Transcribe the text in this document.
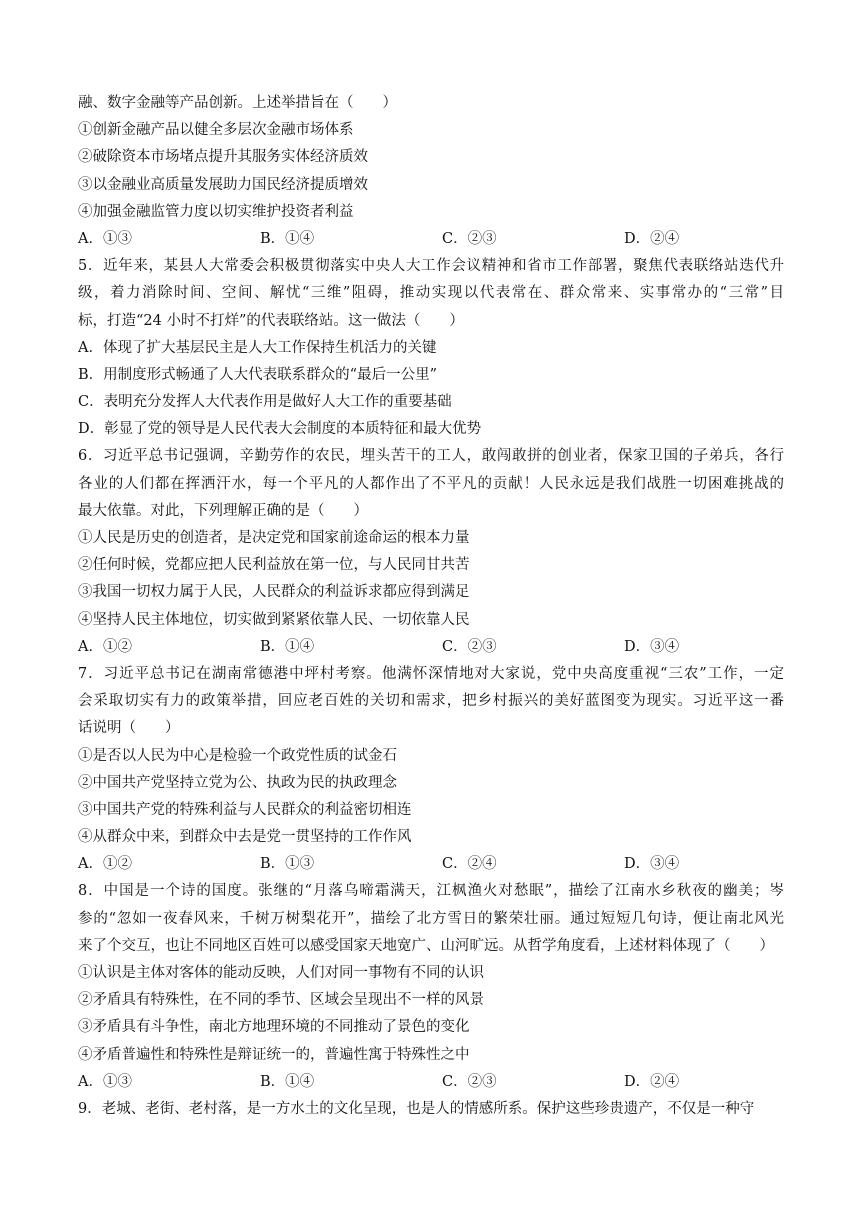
融、数字金融等产品创新。上述举措旨在（　　）
①创新金融产品以健全多层次金融市场体系
②破除资本市场堵点提升其服务实体经济质效
③以金融业高质量发展助力国民经济提质增效
④加强金融监管力度以切实维护投资者利益
A．①③	B．①④	C．②③	D．②④
5．近年来，某县人大常委会积极贯彻落实中央人大工作会议精神和省市工作部署，聚焦代表联络站迭代升
级，着力消除时间、空间、解忧“三维”阻碍，推动实现以代表常在、群众常来、实事常办的“三常”目
标，打造“24 小时不打烊”的代表联络站。这一做法（　　）
A．体现了扩大基层民主是人大工作保持生机活力的关键
B．用制度形式畅通了人大代表联系群众的“最后一公里”
C．表明充分发挥人大代表作用是做好人大工作的重要基础
D．彰显了党的领导是人民代表大会制度的本质特征和最大优势
6．习近平总书记强调，辛勤劳作的农民，埋头苦干的工人，敢闯敢拼的创业者，保家卫国的子弟兵，各行
各业的人们都在挥洒汗水，每一个平凡的人都作出了不平凡的贡献！人民永远是我们战胜一切困难挑战的
最大依靠。对此，下列理解正确的是（　　）
①人民是历史的创造者，是决定党和国家前途命运的根本力量
②任何时候，党都应把人民利益放在第一位，与人民同甘共苦
③我国一切权力属于人民，人民群众的利益诉求都应得到满足
④坚持人民主体地位，切实做到紧紧依靠人民、一切依靠人民
A．①②	B．①④	C．②③	D．③④
7．习近平总书记在湖南常德港中坪村考察。他满怀深情地对大家说，党中央高度重视“三农”工作，一定
会采取切实有力的政策举措，回应老百姓的关切和需求，把乡村振兴的美好蓝图变为现实。习近平这一番
话说明（　　）
①是否以人民为中心是检验一个政党性质的试金石
②中国共产党坚持立党为公、执政为民的执政理念
③中国共产党的特殊利益与人民群众的利益密切相连
④从群众中来，到群众中去是党一贯坚持的工作作风
A．①②	B．①③	C．②④	D．③④
8．中国是一个诗的国度。张继的“月落乌啼霜满天，江枫渔火对愁眠”，描绘了江南水乡秋夜的幽美；岑
参的“忽如一夜春风来，千树万树梨花开”，描绘了北方雪日的繁荣壮丽。通过短短几句诗，便让南北风光
来了个交互，也让不同地区百姓可以感受国家天地宽广、山河旷远。从哲学角度看，上述材料体现了（　　）
①认识是主体对客体的能动反映，人们对同一事物有不同的认识
②矛盾具有特殊性，在不同的季节、区域会呈现出不一样的风景
③矛盾具有斗争性，南北方地理环境的不同推动了景色的变化
④矛盾普遍性和特殊性是辩证统一的，普遍性寓于特殊性之中
A．①③	B．①④	C．②③	D．②④
9．老城、老街、老村落，是一方水土的文化呈现，也是人的情感所系。保护这些珍贵遗产，不仅是一种守
